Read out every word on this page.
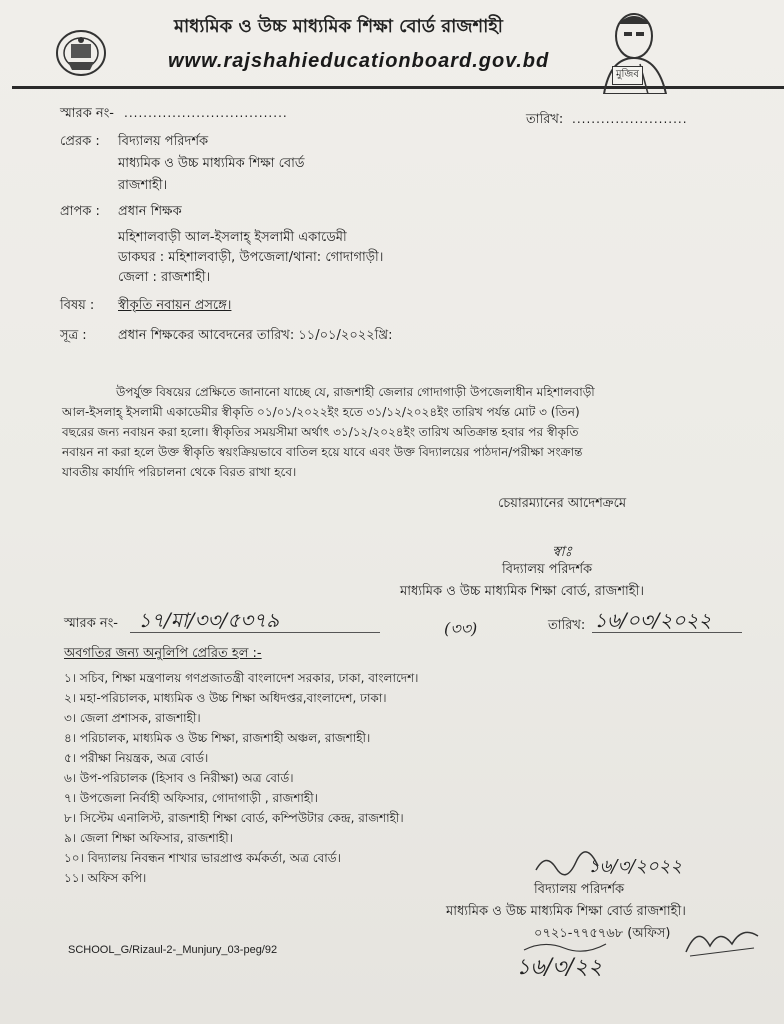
মাধ্যমিক ও উচ্চ মাধ্যমিক শিক্ষা বোর্ড রাজশাহী
www.rajshahieducationboard.gov.bd
মুজিব
স্মারক নং- ..................................	তারিখ: ........................
প্রেরক : বিদ্যালয় পরিদর্শক
মাধ্যমিক ও উচ্চ মাধ্যমিক শিক্ষা বোর্ড
রাজশাহী।
প্রাপক : প্রধান শিক্ষক
মহিশালবাড়ী আল-ইসলাহ্ ইসলামী একাডেমী
ডাকঘর : মহিশালবাড়ী, উপজেলা/থানা: গোদাগাড়ী।
জেলা : রাজশাহী।
বিষয় : স্বীকৃতি নবায়ন প্রসঙ্গে।
সূত্র : প্রধান শিক্ষকের আবেদনের তারিখ: ১১/০১/২০২২খ্রি:
উপর্যুক্ত বিষয়ের প্রেক্ষিতে জানানো যাচ্ছে যে, রাজশাহী জেলার গোদাগাড়ী উপজেলাধীন মহিশালবাড়ী
আল-ইসলাহ্ ইসলামী একাডেমীর স্বীকৃতি ০১/০১/২০২২ইং হতে ৩১/১২/২০২৪ইং তারিখ পর্যন্ত মোট ৩ (তিন)
বছরের জন্য নবায়ন করা হলো। স্বীকৃতির সময়সীমা অর্থাৎ ৩১/১২/২০২৪ইং তারিখ অতিক্রান্ত হবার পর স্বীকৃতি
নবায়ন না করা হলে উক্ত স্বীকৃতি স্বয়ংক্রিয়ভাবে বাতিল হয়ে যাবে এবং উক্ত বিদ্যালয়ের পাঠদান/পরীক্ষা সংক্রান্ত
যাবতীয় কার্যাদি পরিচালনা থেকে বিরত রাখা হবে।
চেয়ারম্যানের আদেশক্রমে
স্বাঃ
বিদ্যালয় পরিদর্শক
মাধ্যমিক ও উচ্চ মাধ্যমিক শিক্ষা বোর্ড, রাজশাহী।
স্মারক নং- ১৭/মা/৩৩/৫৩৭৯	(৩৩)	তারিখ: ১৬/০৩/২০২২
অবগতির জন্য অনুলিপি প্রেরিত হল :-
১। সচিব, শিক্ষা মন্ত্রণালয় গণপ্রজাতন্ত্রী বাংলাদেশ সরকার, ঢাকা, বাংলাদেশ।
২। মহা-পরিচালক, মাধ্যমিক ও উচ্চ শিক্ষা অধিদপ্তর,বাংলাদেশ, ঢাকা।
৩। জেলা প্রশাসক, রাজশাহী।
৪। পরিচালক, মাধ্যমিক ও উচ্চ শিক্ষা, রাজশাহী অঞ্চল, রাজশাহী।
৫। পরীক্ষা নিয়ন্ত্রক, অত্র বোর্ড।
৬। উপ-পরিচালক (হিসাব ও নিরীক্ষা) অত্র বোর্ড।
৭। উপজেলা নির্বাহী অফিসার, গোদাগাড়ী , রাজশাহী।
৮। সিস্টেম এনালিস্ট, রাজশাহী শিক্ষা বোর্ড, কম্পিউটার কেন্দ্র, রাজশাহী।
৯। জেলা শিক্ষা অফিসার, রাজশাহী।
১০। বিদ্যালয় নিবন্ধন শাখার ভারপ্রাপ্ত কর্মকর্তা, অত্র বোর্ড।
১১। অফিস কপি।
১৬/৩/২০২২
বিদ্যালয় পরিদর্শক
মাধ্যমিক ও উচ্চ মাধ্যমিক শিক্ষা বোর্ড রাজশাহী।
০৭২১-৭৭৫৭৬৮ (অফিস)
SCHOOL_G/Rizaul-2-_Munjury_03-peg/92
১৬/৩/২২
